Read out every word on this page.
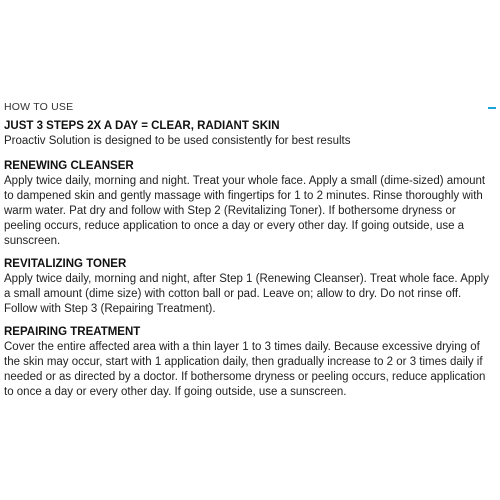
HOW TO USE

JUST 3 STEPS 2X A DAY = CLEAR, RADIANT SKIN

Proactiv Solution is designed to be used consistently for best results

RENEWING CLEANSER

Apply twice daily, morning and night. Treat your whole face. Apply a small (dime-sized) amount to dampened skin and gently massage with fingertips for 1 to 2 minutes. Rinse thoroughly with warm water. Pat dry and follow with Step 2 (Revitalizing Toner). If bothersome dryness or peeling occurs, reduce application to once a day or every other day. If going outside, use a sunscreen.

REVITALIZING TONER

Apply twice daily, morning and night, after Step 1 (Renewing Cleanser). Treat whole face. Apply a small amount (dime size) with cotton ball or pad. Leave on; allow to dry. Do not rinse off. Follow with Step 3 (Repairing Treatment).

REPAIRING TREATMENT

Cover the entire affected area with a thin layer 1 to 3 times daily. Because excessive drying of the skin may occur, start with 1 application daily, then gradually increase to 2 or 3 times daily if needed or as directed by a doctor. If bothersome dryness or peeling occurs, reduce application to once a day or every other day. If going outside, use a sunscreen.
